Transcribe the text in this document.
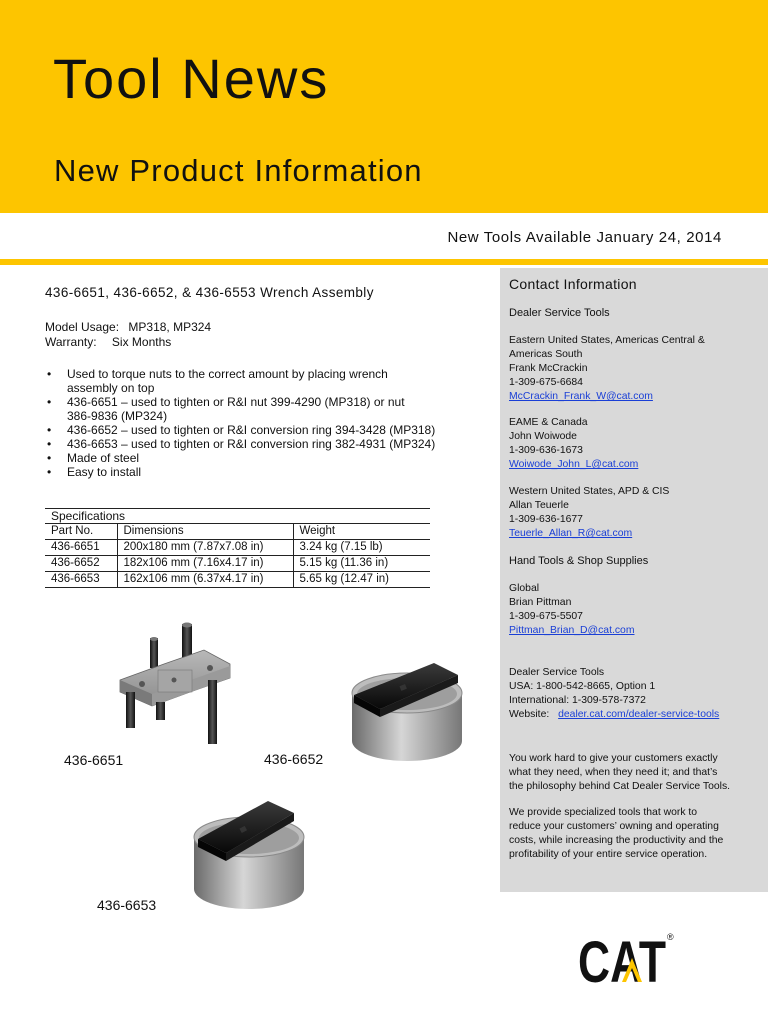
Tool News
New Product Information
New Tools Available January 24, 2014
436-6651, 436-6652, & 436-6553 Wrench Assembly
Model Usage: MP318, MP324
Warranty: Six Months
• Used to torque nuts to the correct amount by placing wrench
assembly on top
• 436-6651 – used to tighten or R&I nut 399-4290 (MP318) or nut
386-9836 (MP324)
• 436-6652 – used to tighten or R&I conversion ring 394-3428 (MP318)
• 436-6653 – used to tighten or R&I conversion ring 382-4931 (MP324)
• Made of steel
• Easy to install
Specifications
Part No.	Dimensions	Weight
436-6651	200x180 mm (7.87x7.08 in)	3.24 kg (7.15 lb)
436-6652	182x106 mm (7.16x4.17 in)	5.15 kg (11.36 in)
436-6653	162x106 mm (6.37x4.17 in)	5.65 kg (12.47 in)
436-6651	436-6652
436-6653
Contact Information
Dealer Service Tools
Eastern United States, Americas Central &
Americas South
Frank McCrackin
1-309-675-6684
McCrackin_Frank_W@cat.com
EAME & Canada
John Woiwode
1-309-636-1673
Woiwode_John_L@cat.com
Western United States, APD & CIS
Allan Teuerle
1-309-636-1677
Teuerle_Allan_R@cat.com
Hand Tools & Shop Supplies
Global
Brian Pittman
1-309-675-5507
Pittman_Brian_D@cat.com
Dealer Service Tools
USA: 1-800-542-8665, Option 1
International: 1-309-578-7372
Website: dealer.cat.com/dealer-service-tools
You work hard to give your customers exactly
what they need, when they need it; and that’s
the philosophy behind Cat Dealer Service Tools.
We provide specialized tools that work to
reduce your customers’ owning and operating
costs, while increasing the productivity and the
profitability of your entire service operation.
CAT ®
